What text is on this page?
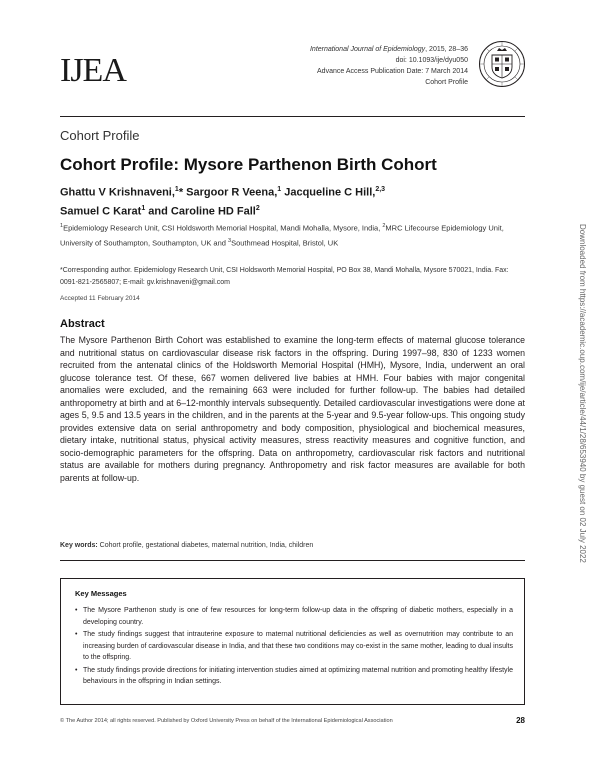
IJEA
International Journal of Epidemiology, 2015, 28–36
doi: 10.1093/ije/dyu050
Advance Access Publication Date: 7 March 2014
Cohort Profile
Cohort Profile
Cohort Profile: Mysore Parthenon Birth Cohort
Ghattu V Krishnaveni,$^1$* Sargoor R Veena,$^1$ Jacqueline C Hill,$^{2,3}$
Samuel C Karat$^1$ and Caroline HD Fall$^2$
$^1$Epidemiology Research Unit, CSI Holdsworth Memorial Hospital, Mandi Mohalla, Mysore, India, $^2$MRC Lifecourse Epidemiology Unit, University of Southampton, Southampton, UK and $^3$Southmead Hospital, Bristol, UK
*Corresponding author. Epidemiology Research Unit, CSI Holdsworth Memorial Hospital, PO Box 38, Mandi Mohalla, Mysore 570021, India. Fax: 0091-821-2565807; E-mail: gv.krishnaveni@gmail.com
Accepted 11 February 2014
Abstract
The Mysore Parthenon Birth Cohort was established to examine the long-term effects of maternal glucose tolerance and nutritional status on cardiovascular disease risk factors in the offspring. During 1997–98, 830 of 1233 women recruited from the antenatal clinics of the Holdsworth Memorial Hospital (HMH), Mysore, India, underwent an oral glucose tolerance test. Of these, 667 women delivered live babies at HMH. Four babies with major congenital anomalies were excluded, and the remaining 663 were included for further follow-up. The babies had detailed anthropometry at birth and at 6–12-monthly intervals subsequently. Detailed cardiovascular investigations were done at ages 5, 9.5 and 13.5 years in the children, and in the parents at the 5-year and 9.5-year follow-ups. This ongoing study provides extensive data on serial anthropometry and body composition, physiological and biochemical measures, dietary intake, nutritional status, physical activity measures, stress reactivity measures and cognitive function, and socio-demographic parameters for the offspring. Data on anthropometry, cardiovascular risk factors and nutritional status are available for mothers during pregnancy. Anthropometry and risk factor measures are available for both parents at follow-up.
Key words: Cohort profile, gestational diabetes, maternal nutrition, India, children
Key Messages
• The Mysore Parthenon study is one of few resources for long-term follow-up data in the offspring of diabetic mothers, especially in a developing country.
• The study findings suggest that intrauterine exposure to maternal nutritional deficiencies as well as overnutrition may contribute to an increasing burden of cardiovascular disease in India, and that these two conditions may co-exist in the same mother, leading to dual insults to the offspring.
• The study findings provide directions for initiating intervention studies aimed at optimizing maternal nutrition and promoting healthy lifestyle behaviours in the offspring in Indian settings.
© The Author 2014; all rights reserved. Published by Oxford University Press on behalf of the International Epidemiological Association	28
Downloaded from https://academic.oup.com/ije/article/44/1/28/653940 by guest on 02 July 2022
